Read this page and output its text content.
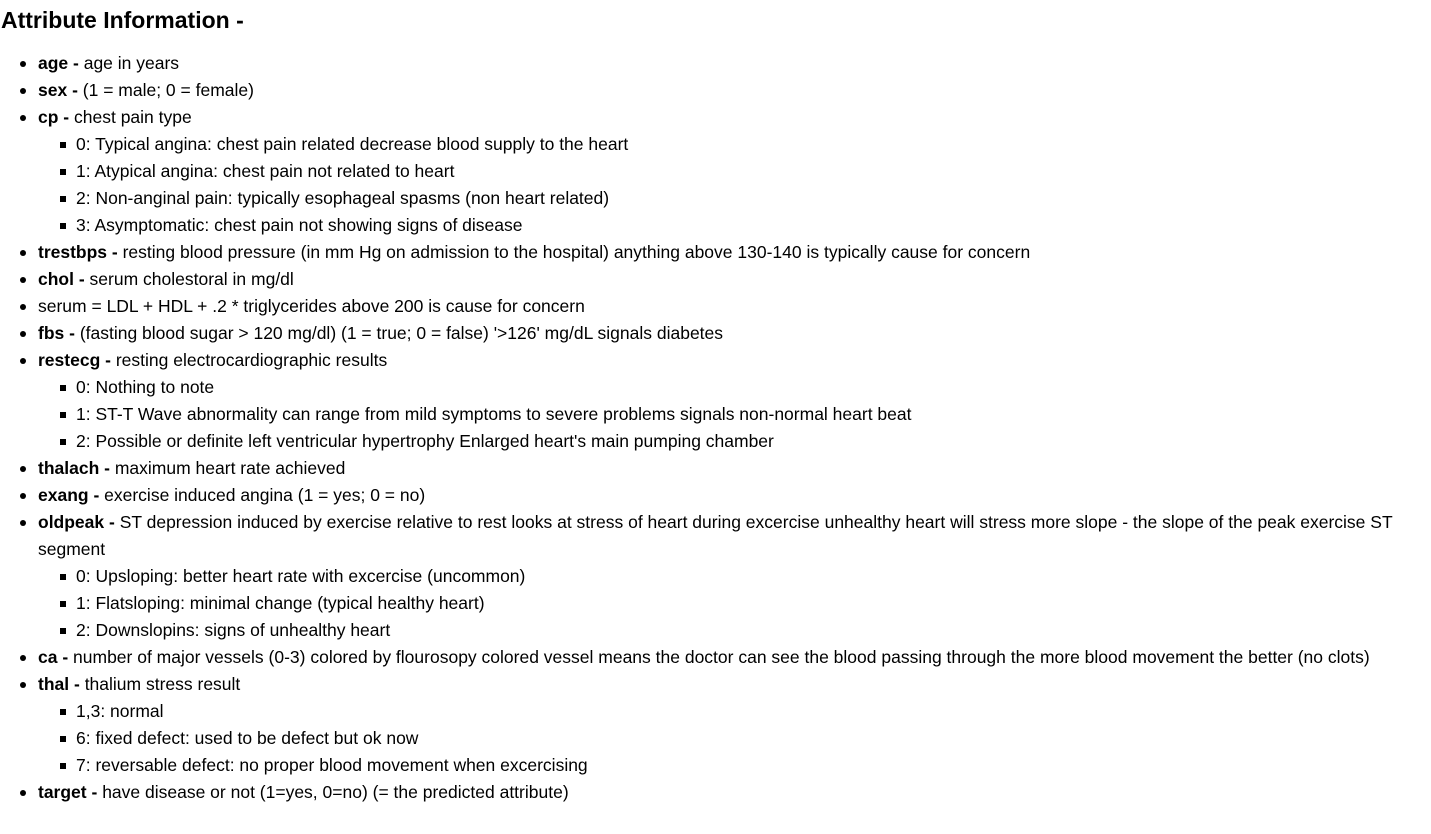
Attribute Information -
age - age in years
sex - (1 = male; 0 = female)
cp - chest pain type
0: Typical angina: chest pain related decrease blood supply to the heart
1: Atypical angina: chest pain not related to heart
2: Non-anginal pain: typically esophageal spasms (non heart related)
3: Asymptomatic: chest pain not showing signs of disease
trestbps - resting blood pressure (in mm Hg on admission to the hospital) anything above 130-140 is typically cause for concern
chol - serum cholestoral in mg/dl
serum = LDL + HDL + .2 * triglycerides above 200 is cause for concern
fbs - (fasting blood sugar > 120 mg/dl) (1 = true; 0 = false) '>126' mg/dL signals diabetes
restecg - resting electrocardiographic results
0: Nothing to note
1: ST-T Wave abnormality can range from mild symptoms to severe problems signals non-normal heart beat
2: Possible or definite left ventricular hypertrophy Enlarged heart's main pumping chamber
thalach - maximum heart rate achieved
exang - exercise induced angina (1 = yes; 0 = no)
oldpeak - ST depression induced by exercise relative to rest looks at stress of heart during excercise unhealthy heart will stress more slope - the slope of the peak exercise ST segment
0: Upsloping: better heart rate with excercise (uncommon)
1: Flatsloping: minimal change (typical healthy heart)
2: Downslopins: signs of unhealthy heart
ca - number of major vessels (0-3) colored by flourosopy colored vessel means the doctor can see the blood passing through the more blood movement the better (no clots)
thal - thalium stress result
1,3: normal
6: fixed defect: used to be defect but ok now
7: reversable defect: no proper blood movement when excercising
target - have disease or not (1=yes, 0=no) (= the predicted attribute)
